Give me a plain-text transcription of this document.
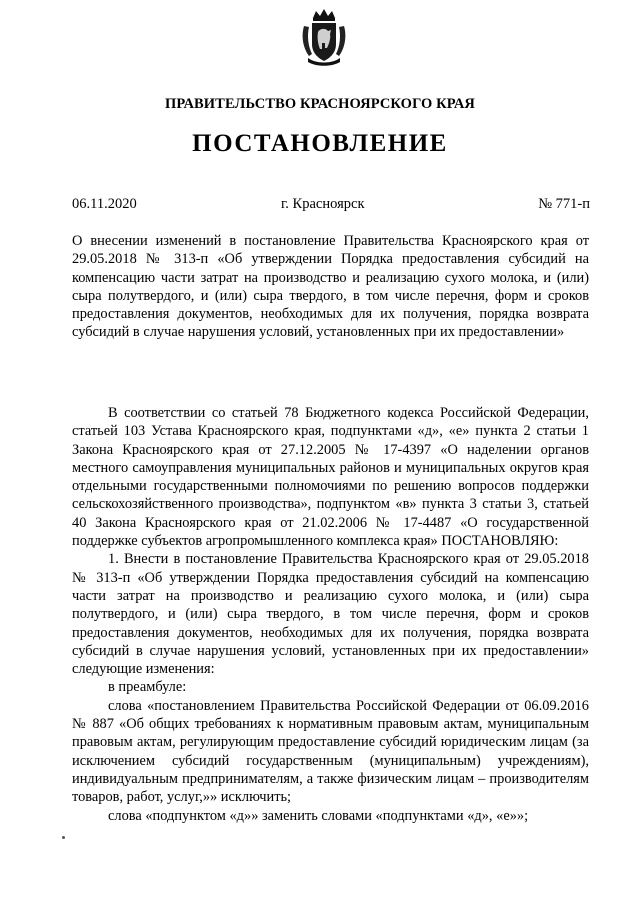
ПРАВИТЕЛЬСТВО КРАСНОЯРСКОГО КРАЯ
ПОСТАНОВЛЕНИЕ
06.11.2020	г. Красноярск	№ 771-п
О внесении изменений в постановление Правительства Красноярского края от 29.05.2018 № 313-п «Об утверждении Порядка предоставления субсидий на компенсацию части затрат на производство и реализацию сухого молока, и (или) сыра полутвердого, и (или) сыра твердого, в том числе перечня, форм и сроков предоставления документов, необходимых для их получения, порядка возврата субсидий в случае нарушения условий, установленных при их предоставлении»

В соответствии со статьей 78 Бюджетного кодекса Российской Федерации, статьей 103 Устава Красноярского края, подпунктами «д», «е» пункта 2 статьи 1 Закона Красноярского края от 27.12.2005 № 17-4397 «О наделении органов местного самоуправления муниципальных районов и муниципальных округов края отдельными государственными полномочиями по решению вопросов поддержки сельскохозяйственного производства», подпунктом «в» пункта 3 статьи 3, статьей 40 Закона Красноярского края от 21.02.2006 № 17-4487 «О государственной поддержке субъектов агропромышленного комплекса края» ПОСТАНОВЛЯЮ:

1. Внести в постановление Правительства Красноярского края от 29.05.2018 № 313-п «Об утверждении Порядка предоставления субсидий на компенсацию части затрат на производство и реализацию сухого молока, и (или) сыра полутвердого, и (или) сыра твердого, в том числе перечня, форм и сроков предоставления документов, необходимых для их получения, порядка возврата субсидий в случае нарушения условий, установленных при их предоставлении» следующие изменения:

в преамбуле:

слова «постановлением Правительства Российской Федерации от 06.09.2016 № 887 «Об общих требованиях к нормативным правовым актам, муниципальным правовым актам, регулирующим предоставление субсидий юридическим лицам (за исключением субсидий государственным (муниципальным) учреждениям), индивидуальным предпринимателям, а также физическим лицам – производителям товаров, работ, услуг,»» исключить;

слова «подпунктом «д»» заменить словами «подпунктами «д», «е»»;
